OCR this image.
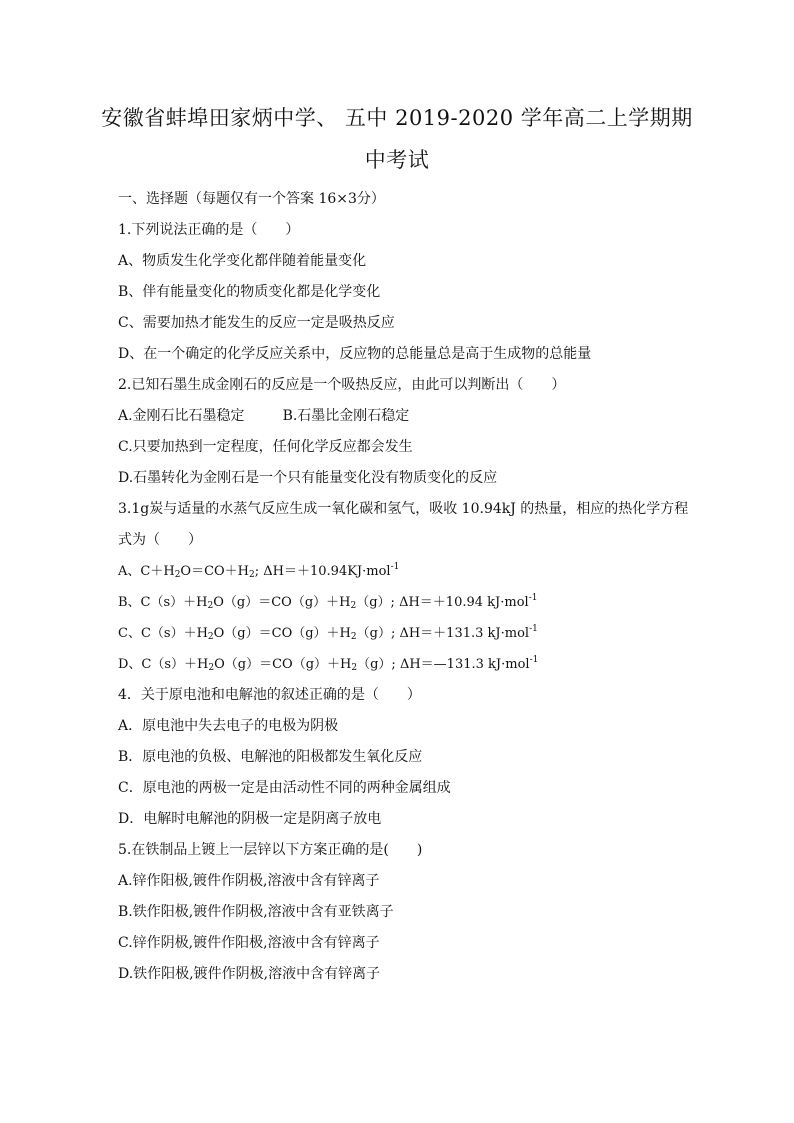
安徽省蚌埠田家炳中学、 五中 2019-2020 学年高二上学期期
中考试
一、选择题（每题仅有一个答案 16×3分）
1.下列说法正确的是（　　）
A、物质发生化学变化都伴随着能量变化
B、伴有能量变化的物质变化都是化学变化
C、需要加热才能发生的反应一定是吸热反应
D、在一个确定的化学反应关系中，反应物的总能量总是高于生成物的总能量
2.已知石墨生成金刚石的反应是一个吸热反应，由此可以判断出（　　）
A.金刚石比石墨稳定	B.石墨比金刚石稳定
C.只要加热到一定程度，任何化学反应都会发生
D.石墨转化为金刚石是一个只有能量变化没有物质变化的反应
3.1g炭与适量的水蒸气反应生成一氧化碳和氢气，吸收 10.94kJ 的热量，相应的热化学方程
式为（　　）
A、$C+H_2O=CO+H_2$; ΔH＝＋10.94KJ·mol$^{-1}$
B、$C(s)+H_2O(g)=CO(g)+H_2(g)$; ΔH＝＋10.94 kJ·mol$^{-1}$
C、$C(s)+H_2O(g)=CO(g)+H_2(g)$; ΔH＝＋131.3 kJ·mol$^{-1}$
D、$C(s)+H_2O(g)=CO(g)+H_2(g)$; ΔH＝—131.3 kJ·mol$^{-1}$
4．关于原电池和电解池的叙述正确的是（　　）
A．原电池中失去电子的电极为阴极
B．原电池的负极、电解池的阳极都发生氧化反应
C．原电池的两极一定是由活动性不同的两种金属组成
D．电解时电解池的阴极一定是阴离子放电
5.在铁制品上镀上一层锌以下方案正确的是(　　)
A.锌作阳极,镀件作阴极,溶液中含有锌离子
B.铁作阳极,镀件作阴极,溶液中含有亚铁离子
C.锌作阴极,镀件作阳极,溶液中含有锌离子
D.铁作阳极,镀件作阴极,溶液中含有锌离子
